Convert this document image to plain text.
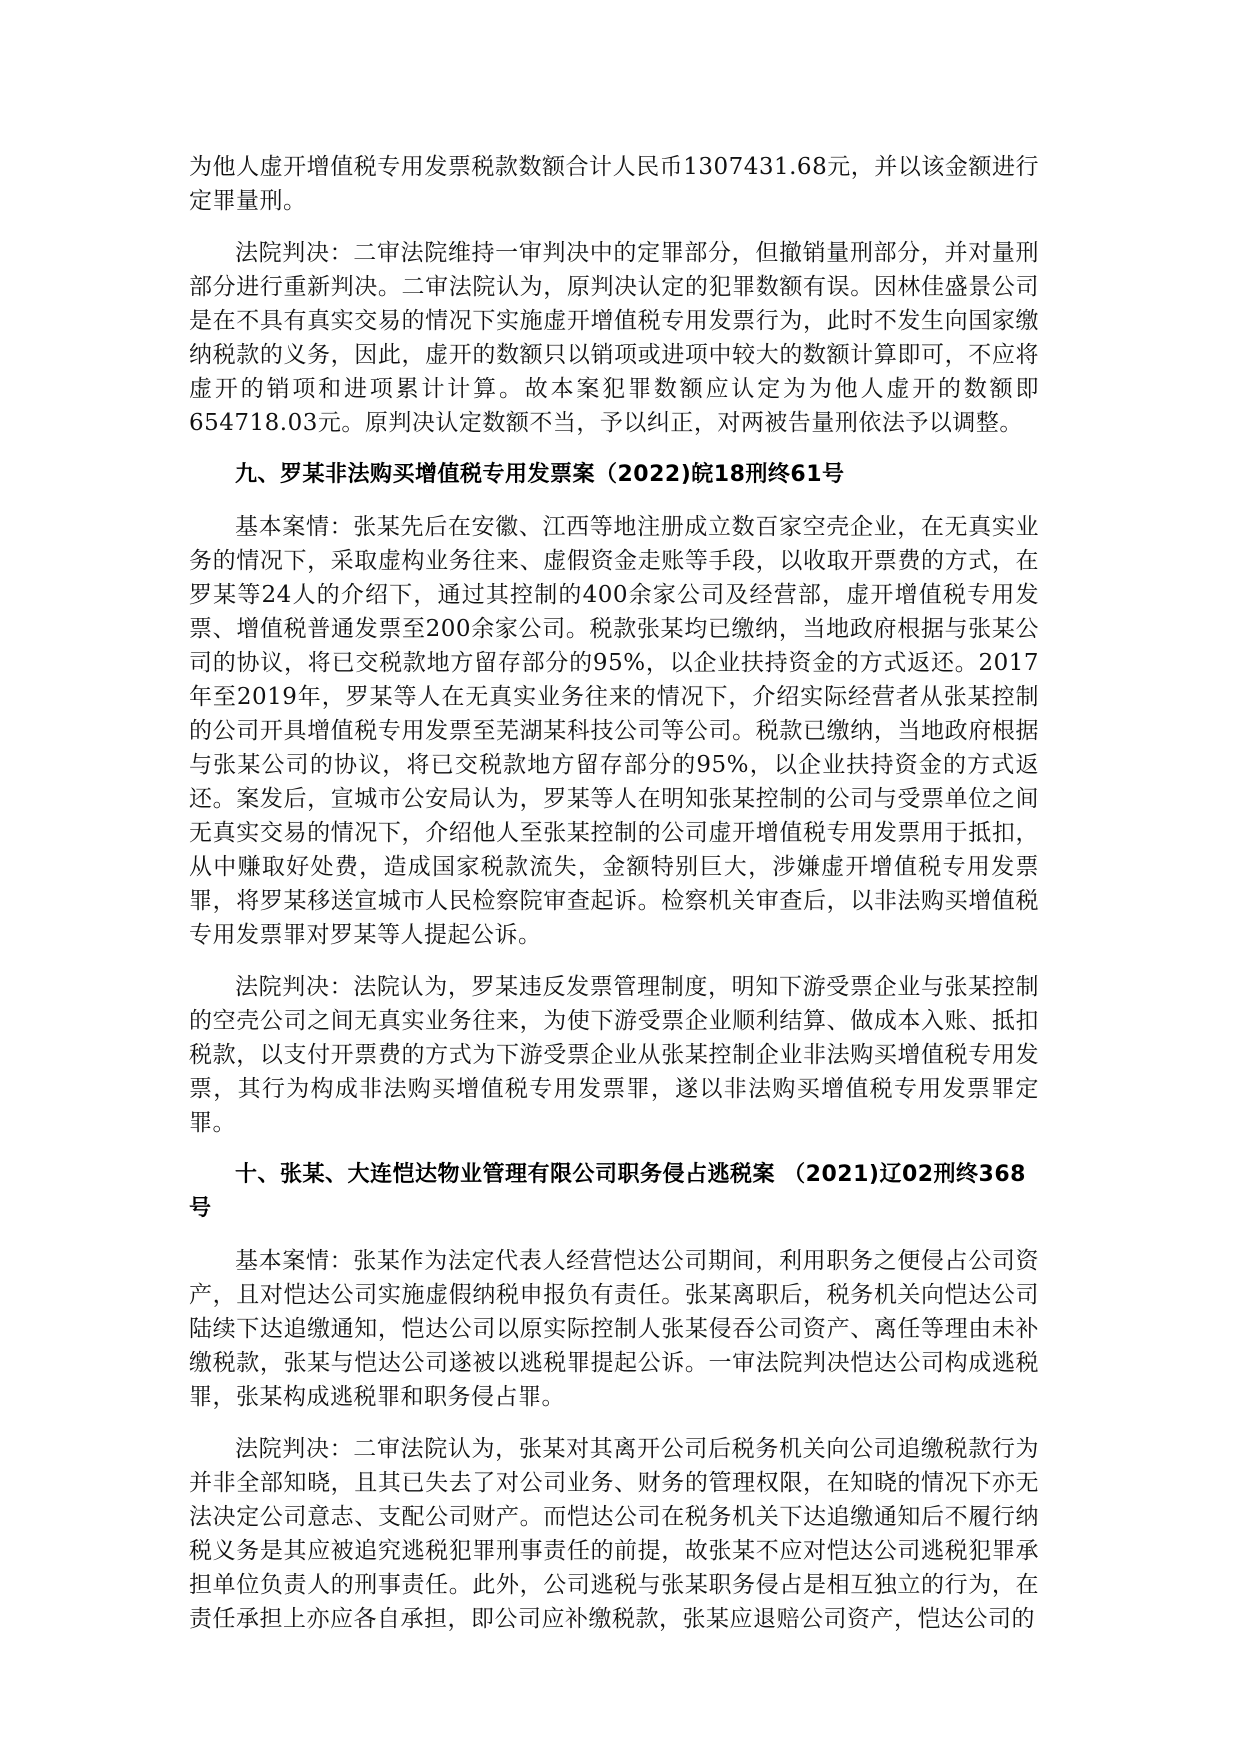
为他人虚开增值税专用发票税款数额合计人民币1307431.68元，并以该金额进行定罪量刑。

法院判决：二审法院维持一审判决中的定罪部分，但撤销量刑部分，并对量刑部分进行重新判决。二审法院认为，原判决认定的犯罪数额有误。因林佳盛景公司是在不具有真实交易的情况下实施虚开增值税专用发票行为，此时不发生向国家缴纳税款的义务，因此，虚开的数额只以销项或进项中较大的数额计算即可，不应将虚开的销项和进项累计计算。故本案犯罪数额应认定为为他人虚开的数额即654718.03元。原判决认定数额不当，予以纠正，对两被告量刑依法予以调整。

九、罗某非法购买增值税专用发票案（2022)皖18刑终61号

基本案情：张某先后在安徽、江西等地注册成立数百家空壳企业，在无真实业务的情况下，采取虚构业务往来、虚假资金走账等手段，以收取开票费的方式，在罗某等24人的介绍下，通过其控制的400余家公司及经营部，虚开增值税专用发票、增值税普通发票至200余家公司。税款张某均已缴纳，当地政府根据与张某公司的协议，将已交税款地方留存部分的95%，以企业扶持资金的方式返还。2017年至2019年，罗某等人在无真实业务往来的情况下，介绍实际经营者从张某控制的公司开具增值税专用发票至芜湖某科技公司等公司。税款已缴纳，当地政府根据与张某公司的协议，将已交税款地方留存部分的95%，以企业扶持资金的方式返还。案发后，宣城市公安局认为，罗某等人在明知张某控制的公司与受票单位之间无真实交易的情况下，介绍他人至张某控制的公司虚开增值税专用发票用于抵扣，从中赚取好处费，造成国家税款流失，金额特别巨大，涉嫌虚开增值税专用发票罪，将罗某移送宣城市人民检察院审查起诉。检察机关审查后，以非法购买增值税专用发票罪对罗某等人提起公诉。

法院判决：法院认为，罗某违反发票管理制度，明知下游受票企业与张某控制的空壳公司之间无真实业务往来，为使下游受票企业顺利结算、做成本入账、抵扣税款，以支付开票费的方式为下游受票企业从张某控制企业非法购买增值税专用发票，其行为构成非法购买增值税专用发票罪，遂以非法购买增值税专用发票罪定罪。

十、张某、大连恺达物业管理有限公司职务侵占逃税案 （2021)辽02刑终368号

基本案情：张某作为法定代表人经营恺达公司期间，利用职务之便侵占公司资产，且对恺达公司实施虚假纳税申报负有责任。张某离职后，税务机关向恺达公司陆续下达追缴通知，恺达公司以原实际控制人张某侵吞公司资产、离任等理由未补缴税款，张某与恺达公司遂被以逃税罪提起公诉。一审法院判决恺达公司构成逃税罪，张某构成逃税罪和职务侵占罪。

法院判决：二审法院认为，张某对其离开公司后税务机关向公司追缴税款行为并非全部知晓，且其已失去了对公司业务、财务的管理权限，在知晓的情况下亦无法决定公司意志、支配公司财产。而恺达公司在税务机关下达追缴通知后不履行纳税义务是其应被追究逃税犯罪刑事责任的前提，故张某不应对恺达公司逃税犯罪承担单位负责人的刑事责任。此外，公司逃税与张某职务侵占是相互独立的行为，在责任承担上亦应各自承担，即公司应补缴税款，张某应退赔公司资产，恺达公司的
